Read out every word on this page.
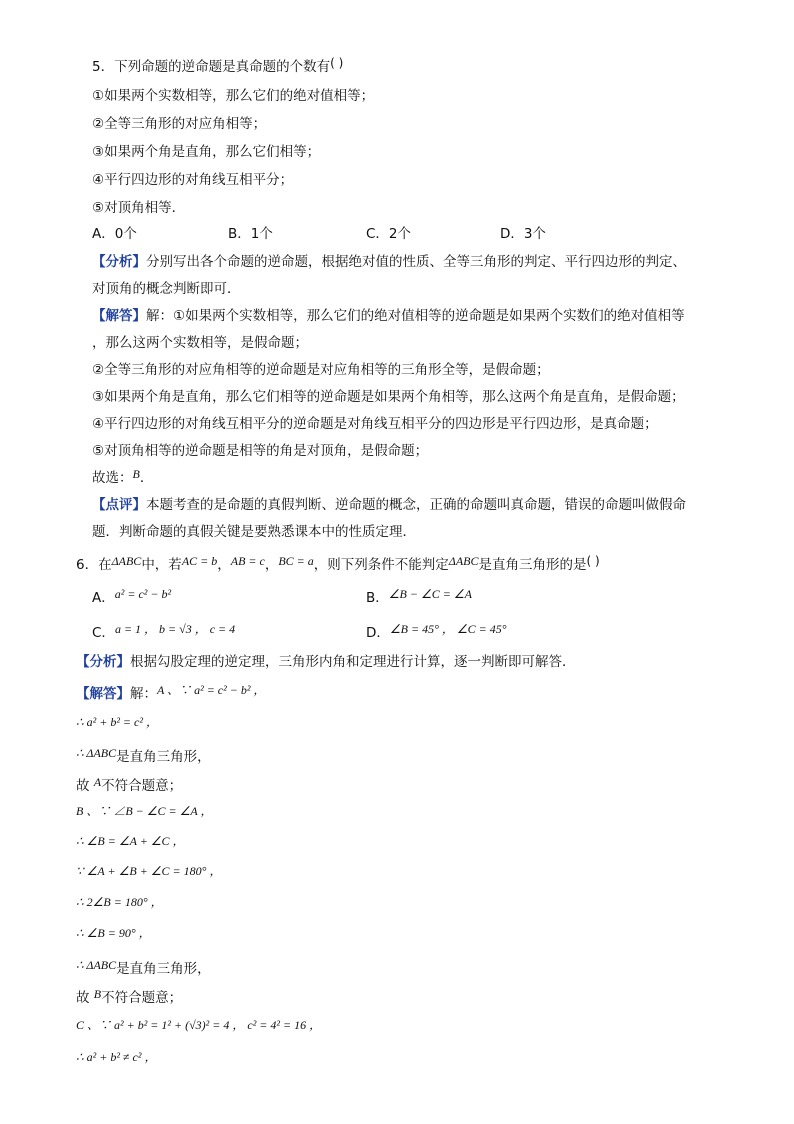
5．下列命题的逆命题是真命题的个数有( )
①如果两个实数相等，那么它们的绝对值相等；
②全等三角形的对应角相等；
③如果两个角是直角，那么它们相等；
④平行四边形的对角线互相平分；
⑤对顶角相等．
A．0个	B．1个	C．2个	D．3个
【分析】分别写出各个命题的逆命题，根据绝对值的性质、全等三角形的判定、平行四边形的判定、
对顶角的概念判断即可．
【解答】解：①如果两个实数相等，那么它们的绝对值相等的逆命题是如果两个实数们的绝对值相等
，那么这两个实数相等，是假命题；
②全等三角形的对应角相等的逆命题是对应角相等的三角形全等，是假命题；
③如果两个角是直角，那么它们相等的逆命题是如果两个角相等，那么这两个角是直角，是假命题；
④平行四边形的对角线互相平分的逆命题是对角线互相平分的四边形是平行四边形，是真命题；
⑤对顶角相等的逆命题是相等的角是对顶角，是假命题；
故选：B．
【点评】本题考查的是命题的真假判断、逆命题的概念，正确的命题叫真命题，错误的命题叫做假命
题．判断命题的真假关键是要熟悉课本中的性质定理．
6．在ΔABC中，若AC = b，AB = c，BC = a，则下列条件不能判定ΔABC是直角三角形的是( )
A．a² = c² − b²	B．∠B − ∠C = ∠A
C．a = 1 ， b = √3 ， c = 4	D．∠B = 45° ， ∠C = 45°
【分析】根据勾股定理的逆定理，三角形内角和定理进行计算，逐一判断即可解答．
【解答】解：A 、∵ a² = c² − b² ，
∴ a² + b² = c² ，
∴ ΔABC是直角三角形，
故 A不符合题意；
B 、∵ ∠B − ∠C = ∠A ，
∴ ∠B = ∠A + ∠C ，
∵ ∠A + ∠B + ∠C = 180° ，
∴ 2∠B = 180° ，
∴ ∠B = 90° ，
∴ ΔABC是直角三角形，
故 B不符合题意；
C 、∵ a² + b² = 1² + (√3)² = 4 ， c² = 4² = 16 ，
∴ a² + b² ≠ c² ，
